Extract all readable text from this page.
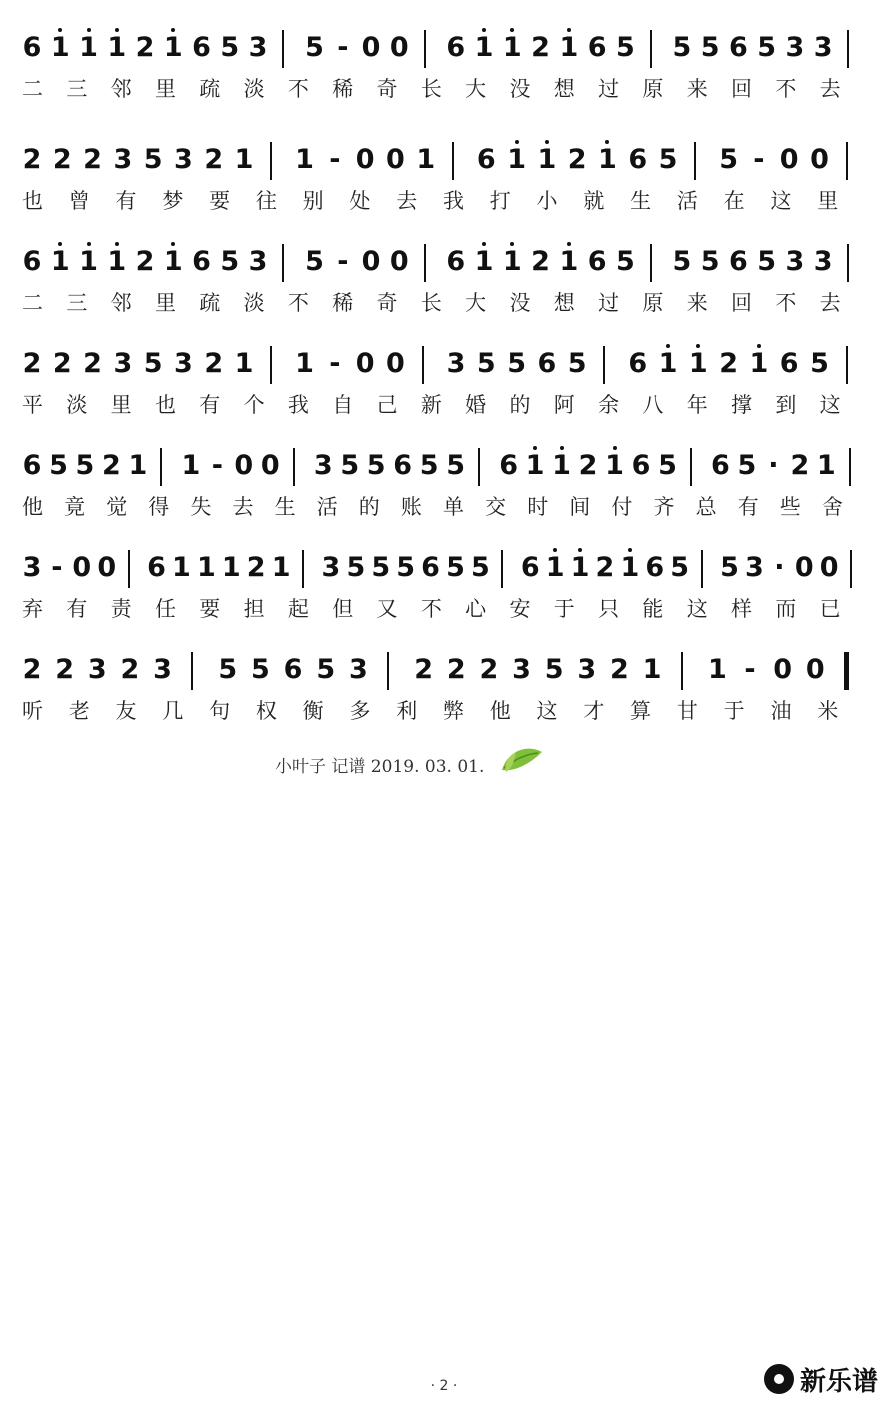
6 1 1 1 2 1 6 5 3 5 - 0 0 6 1 1 2 1 6 5 5 5 6 5 3 3
二 三 邻 里 疏 淡 不 稀 奇 长 大 没 想 过 原 来 回 不 去
2 2 2 3 5 3 2 1 1 - 0 0 1 6 1 1 2 1 6 5 5 - 0 0
也 曾 有 梦 要 往 别 处 去 我 打 小 就 生 活 在 这 里
6 1 1 1 2 1 6 5 3 5 - 0 0 6 1 1 2 1 6 5 5 5 6 5 3 3
二 三 邻 里 疏 淡 不 稀 奇 长 大 没 想 过 原 来 回 不 去
2 2 2 3 5 3 2 1 1 - 0 0 3 5 5 6 5 6 1 1 2 1 6 5
平 淡 里 也 有 个 我 自 己 新 婚 的 阿 余 八 年 撑 到 这
6 5 5 2 1 1 - 0 0 3 5 5 6 5 5 6 1 1 2 1 6 5 6 5 · 2 1
他 竟 觉 得 失 去 生 活 的 账 单 交 时 间 付 齐 总 有 些 舍
3 - 0 0 6 1 1 1 2 1 3 5 5 5 6 5 5 6 1 1 2 1 6 5 5 3 · 0 0
弃 有 责 任 要 担 起 但 又 不 心 安 于 只 能 这 样 而 已
2 2 3 2 3 5 5 6 5 3 2 2 2 3 5 3 2 1 1 - 0 0
听 老 友 几 句 权 衡 多 利 弊 他 这 才 算 甘 于 油 米
小叶子 记谱 2019. 03. 01.
· 2 ·	新乐谱
